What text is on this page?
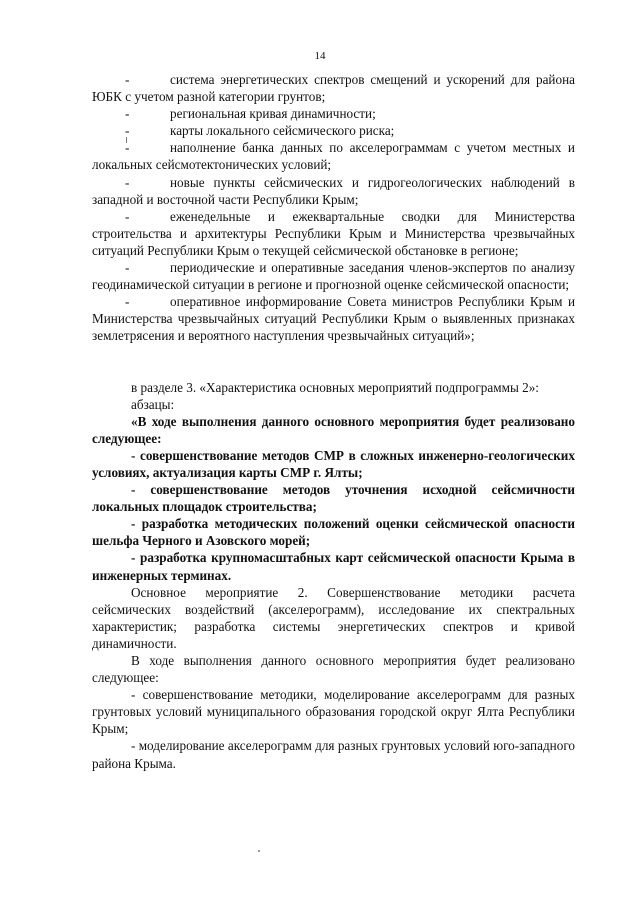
14

-	система энергетических спектров смещений и ускорений для района ЮБК с учетом разной категории грунтов;

-	региональная кривая динамичности;

-	карты локального сейсмического риска;

-	наполнение банка данных по акселерограммам с учетом местных и локальных сейсмотектонических условий;

-	новые пункты сейсмических и гидрогеологических наблюдений в западной и восточной части Республики Крым;

-	еженедельные и ежеквартальные сводки для Министерства строительства и архитектуры Республики Крым и Министерства чрезвычайных ситуаций Республики Крым о текущей сейсмической обстановке в регионе;

-	периодические и оперативные заседания членов-экспертов по анализу геодинамической ситуации в регионе и прогнозной оценке сейсмической опасности;

-	оперативное информирование Совета министров Республики Крым и Министерства чрезвычайных ситуаций Республики Крым о выявленных признаках землетрясения и вероятного наступления чрезвычайных ситуаций»;

в разделе 3. «Характеристика основных мероприятий подпрограммы 2»:

абзацы:

«В ходе выполнения данного основного мероприятия будет реализовано следующее:

- совершенствование методов СМР в сложных инженерно-геологических условиях, актуализация карты СМР г. Ялты;

- совершенствование методов уточнения исходной сейсмичности локальных площадок строительства;

- разработка методических положений оценки сейсмической опасности шельфа Черного и Азовского морей;

- разработка крупномасштабных карт сейсмической опасности Крыма в инженерных терминах.

Основное мероприятие 2. Совершенствование методики расчета сейсмических воздействий (акселерограмм), исследование их спектральных характеристик; разработка системы энергетических спектров и кривой динамичности.

В ходе выполнения данного основного мероприятия будет реализовано следующее:

- совершенствование методики, моделирование акселерограмм для разных грунтовых условий муниципального образования городской округ Ялта Республики Крым;

- моделирование акселерограмм для разных грунтовых условий юго-западного района Крыма.
